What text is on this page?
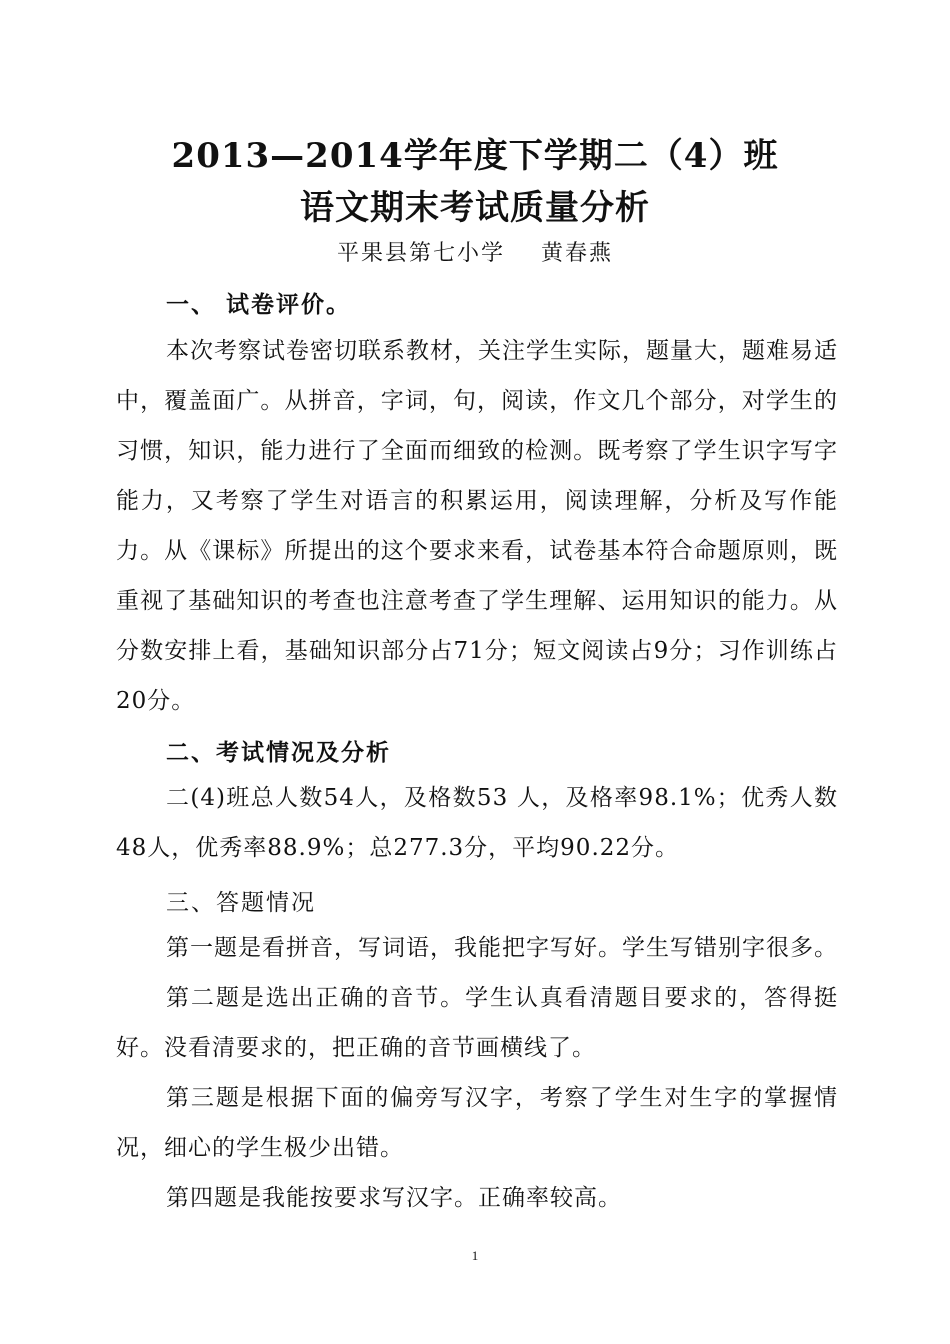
2013—2014学年度下学期二（4）班
语文期末考试质量分析
平果县第七小学 黄春燕
一、 试卷评价。

本次考察试卷密切联系教材，关注学生实际，题量大，题难易适中，覆盖面广。从拼音，字词，句，阅读，作文几个部分，对学生的习惯，知识，能力进行了全面而细致的检测。既考察了学生识字写字能力，又考察了学生对语言的积累运用，阅读理解，分析及写作能力。从《课标》所提出的这个要求来看，试卷基本符合命题原则，既重视了基础知识的考查也注意考查了学生理解、运用知识的能力。从分数安排上看，基础知识部分占71分；短文阅读占9分；习作训练占20分。

二、考试情况及分析

二(4)班总人数54人，及格数53 人，及格率98.1%；优秀人数48人，优秀率88.9%；总277.3分，平均90.22分。

三、答题情况

第一题是看拼音，写词语，我能把字写好。学生写错别字很多。

第二题是选出正确的音节。学生认真看清题目要求的，答得挺好。没看清要求的，把正确的音节画横线了。

第三题是根据下面的偏旁写汉字，考察了学生对生字的掌握情况，细心的学生极少出错。

第四题是我能按要求写汉字。正确率较高。

1
